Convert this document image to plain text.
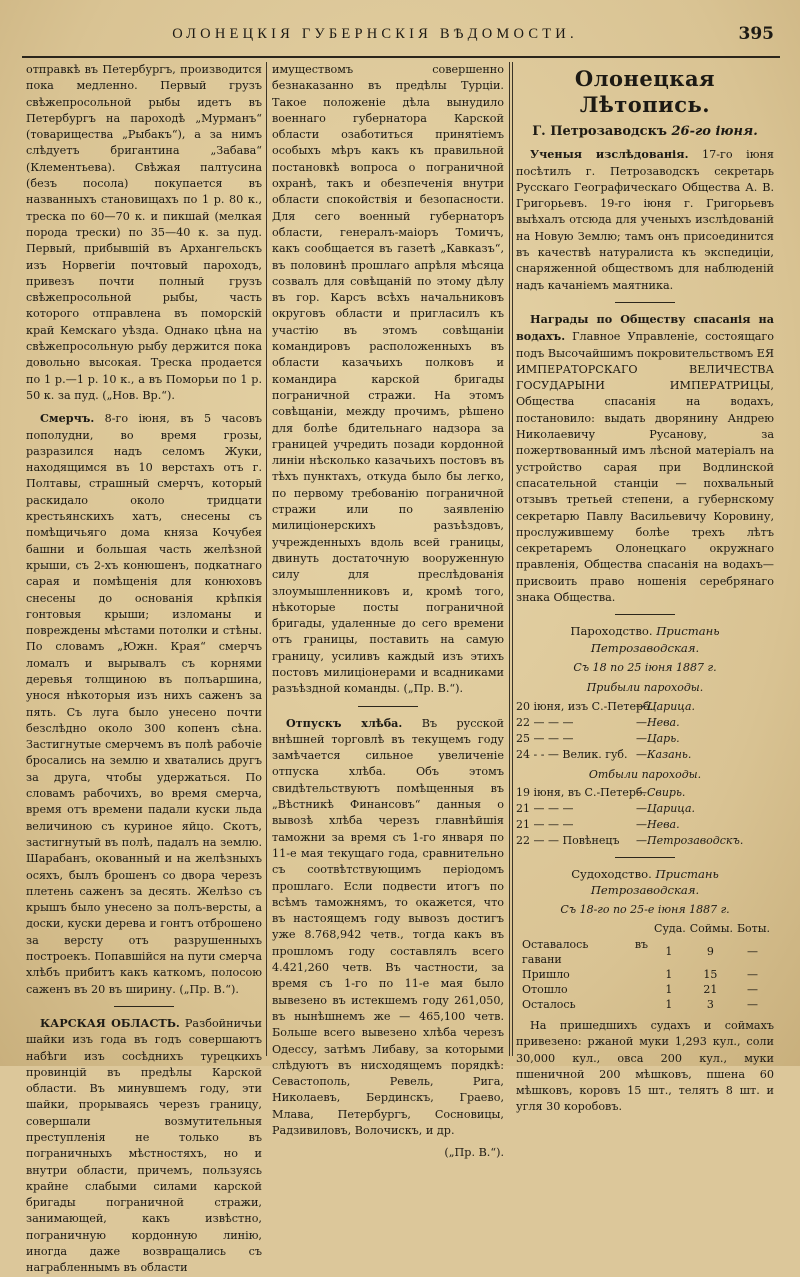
ОЛОНЕЦКІЯ ГУБЕРНСКІЯ ВѢДОМОСТИ.	395

отправкѣ въ Петербургъ, производится пока медленно. Первый грузъ свѣжепросольной рыбы идетъ въ Петербургъ на пароходѣ „Мурманъ“ (товарищества „Рыбакъ“), а за нимъ слѣдуетъ бригантина „Забава“ (Клементьева). Свѣжая палтусина (безъ посола) покупается въ названныхъ становищахъ по 1 р. 80 к., треска по 60—70 к. и пикшай (мелкая порода трески) по 35—40 к. за пуд. Первый, прибывшій въ Архангельскъ изъ Норвегіи почтовый пароходъ, привезъ почти полный грузъ свѣжепросольной рыбы, часть которого отправлена въ поморскій край Кемскаго уѣзда. Однако цѣна на свѣжепросольную рыбу держится пока довольно высокая. Треска продается по 1 р.—1 р. 10 к., а въ Поморьи по 1 р. 50 к. за пуд. („Нов. Вр.“).

Смерчъ. 8-го іюня, въ 5 часовъ пополудни, во время грозы, разразился надъ селомъ Жуки, находящимся въ 10 верстахъ отъ г. Полтавы, страшный смерчъ, который раскидало около тридцати крестьянскихъ хатъ, снесены съ помѣщичьяго дома княза Кочубея башни и большая часть желѣзной крыши, съ 2-хъ конюшенъ, подкатнаго сарая и помѣщенія для конюховъ снесены до основанія крѣпкія гонтовыя крыши; изломаны и повреждены мѣстами потолки и стѣны. По словамъ „Южн. Края“ смерчъ ломалъ и вырывалъ съ корнями деревья толщиною въ полъаршина, унося нѣкоторыя изъ нихъ саженъ за пять. Съ луга было унесено почти безслѣдно около 300 копенъ сѣна. Застигнутые смерчемъ въ полѣ рабочіе бросались на землю и хватались другъ за друга, чтобы удержаться. По словамъ рабочихъ, во время смерча, время отъ времени падали куски льда величиною съ куриное яйцо. Скотъ, застигнутый въ полѣ, падалъ на землю. Шарабанъ, окованный и на желѣзныхъ осяхъ, былъ брошенъ со двора черезъ плетень саженъ за десять. Желѣзо съ крышъ было унесено за полъ-версты, а доски, куски дерева и гонтъ отброшено за версту отъ разрушенныхъ построекъ. Попавшійся на пути смерча хлѣбъ прибитъ какъ каткомъ, полосою саженъ въ 20 въ ширину. („Пр. В.“).

КАРСКАЯ ОБЛАСТЬ. Разбойничьи шайки изъ года въ годъ совершаютъ набѣги изъ сосѣднихъ турецкихъ провинцій въ предѣлы Карской области. Въ минувшемъ году, эти шайки, прорываясь черезъ границу, совершали возмутительныя преступленія не только въ пограничныхъ мѣстностяхъ, но и внутри области, причемъ, пользуясь крайне слабыми силами карской бригады пограничной стражи, занимающей, какъ извѣстно, пограничную кордонную линію, иногда даже возвращались съ награбленнымъ въ области

имуществомъ совершенно безнаказанно въ предѣлы Турціи. Такое положеніе дѣла вынудило военнаго губернатора Карской области озаботиться принятіемъ особыхъ мѣръ какъ къ правильной постановкѣ вопроса о пограничной охранѣ, такъ и обезпеченія внутри области спокойствія и безопасности. Для сего военный губернаторъ области, генералъ-маіоръ Томичъ, какъ сообщается въ газетѣ „Кавказъ“, въ половинѣ прошлаго апрѣля мѣсяца созвалъ для совѣщаній по этому дѣлу въ гор. Карсъ всѣхъ начальниковъ округовъ области и пригласилъ къ участію въ этомъ совѣщаніи командировъ расположенныхъ въ области казачьихъ полковъ и командира карской бригады пограничной стражи. На этомъ совѣщаніи, между прочимъ, рѣшено для болѣе бдительнаго надзора за границей учредить позади кордонной линіи нѣсколько казачьихъ постовъ въ тѣхъ пунктахъ, откуда было бы легко, по первому требованію пограничной стражи или по заявленію милиціонерскихъ разъѣздовъ, учрежденныхъ вдоль всей границы, двинуть достаточную вооруженную силу для преслѣдованія злоумышленниковъ и, кромѣ того, нѣкоторые посты пограничной бригады, удаленные до сего времени отъ границы, поставить на самую границу, усиливъ каждый изъ этихъ постовъ милиціонерами и всадниками разъѣздной команды. („Пр. В.“).

Отпускъ хлѣба. Въ русской внѣшней торговлѣ въ текущемъ году замѣчается сильное увеличеніе отпуска хлѣба. Объ этомъ свидѣтельствуютъ помѣщенныя въ „Вѣстникѣ Финансовъ“ данныя о вывозѣ хлѣба черезъ главнѣйшія таможни за время съ 1-го января по 11-е мая текущаго года, сравнительно съ соотвѣтствующимъ періодомъ прошлаго. Если подвести итогъ по всѣмъ таможнямъ, то окажется, что въ настоящемъ году вывозъ достигъ уже 8.768,942 четв., тогда какъ въ прошломъ году составлялъ всего 4.421,260 четв. Въ частности, за время съ 1-го по 11-е мая было вывезено въ истекшемъ году 261,050, въ нынѣшнемъ же — 465,100 четв. Больше всего вывезено хлѣба черезъ Одессу, затѣмъ Либаву, за которыми слѣдуютъ въ нисходящемъ порядкѣ: Севастополь, Ревель, Рига, Николаевъ, Бердинскъ, Граево, Млава, Петербургъ, Сосновицы, Радзивиловъ, Волочискъ, и др.

(„Пр. В.“).

Олонецкая Лѣтопись.

Г. Петрозаводскъ 26-го іюня.

Ученыя изслѣдованія. 17-го іюня посѣтилъ г. Петрозаводскъ секретарь Русскаго Географическаго Общества А. В. Григорьевъ. 19-го іюня г. Григорьевъ выѣхалъ отсюда для ученыхъ изслѣдованій на Новую Землю; тамъ онъ присоединится въ качествѣ натуралиста къ экспедиціи, снаряженной обществомъ для наблюденій надъ качаніемъ маятника.

Награды по Обществу спасанія на водахъ. Главное Управленіе, состоящаго подъ Высочайшимъ покровительствомъ ЕЯ ИМПЕРАТОРСКАГО ВЕЛИЧЕСТВА ГОСУДАРЫНИ ИМПЕРАТРИЦЫ, Общества спасанія на водахъ, постановило: выдать дворянину Андрею Николаевичу Русанову, за пожертвованный имъ лѣсной матеріалъ на устройство сарая при Водлинской спасательной станціи — похвальный отзывъ третьей степени, а губернскому секретарю Павлу Васильевичу Коровину, прослужившему болѣе трехъ лѣтъ секретаремъ Олонецкаго окружнаго правленія, Общества спасанія на водахъ—присвоить право ношенія серебрянаго знака Общества.

Пароходство. Пристань Петрозаводская.

Съ 18 по 25 іюня 1887 г.

Прибыли пароходы.

20 іюня, изъ С.-Петерб.—Царица.
22 — — —	—Нева.
25 — — —	—Царь.
24 - - — Велик. губ. —Казань.

Отбыли пароходы.

19 іюня, въ С.-Петерб.—Свирь.
21 — — —	—Царица.
21 — — —	—Нева.
22 — — Повѣнецъ —Петрозаводскъ.

Судоходство. Пристань Петрозаводская.

Съ 18-го по 25-е іюня 1887 г.

	Суда.	Соймы.	Боты.
Оставалось въ гавани	1	9	—
Пришло	1	15	—
Отошло	1	21	—
Осталось	1	3	—

На пришедшихъ судахъ и соймахъ привезено: ржаной муки 1,293 кул., соли 30,000 кул., овса 200 кул., муки пшеничной 200 мѣшковъ, пшена 60 мѣшковъ, коровъ 15 шт., телятъ 8 шт. и угля 30 коробовъ.
